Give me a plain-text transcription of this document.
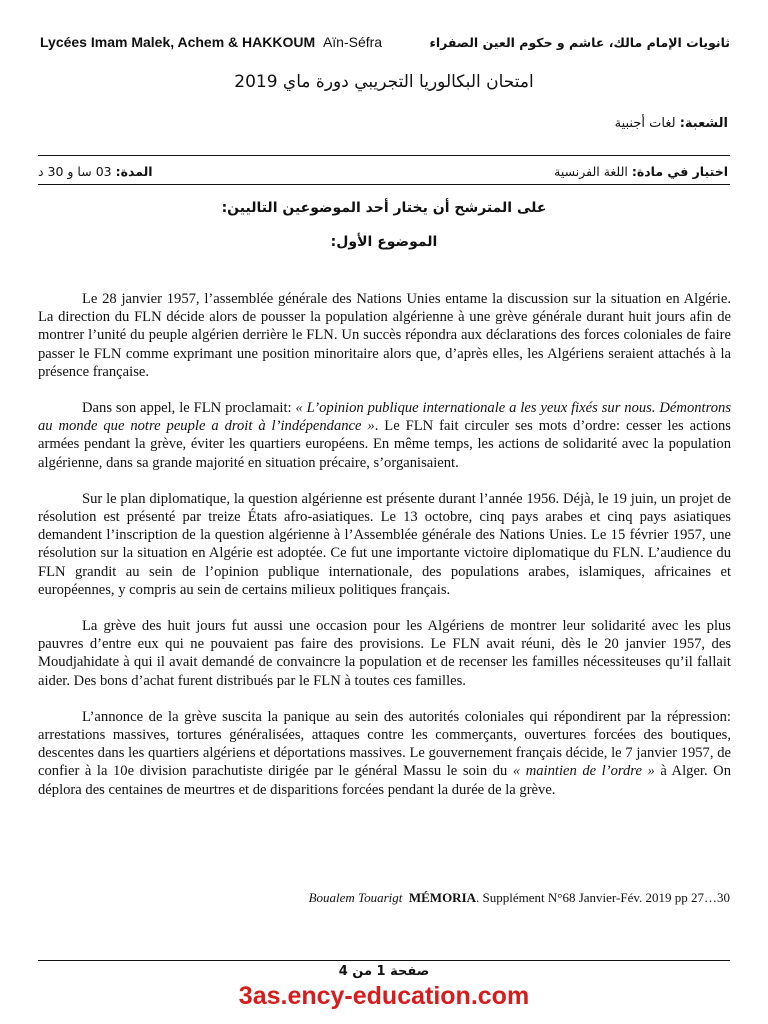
Lycées Imam Malek, Achem & HAKKOUM Aïn-Séfra	ثانويات الإمام مالك، عاشم و حكوم العين الصفراء
امتحان البكالوريا التجريبي دورة ماي 2019
الشعبة: لغات أجنبية
المدة: 03 سا و 30 د	اختبار في مادة: اللغة الفرنسية
على المترشح أن يختار أحد الموضوعين التاليين:
الموضوع الأول:

Le 28 janvier 1957, l’assemblée générale des Nations Unies entame la discussion sur la situation en Algérie. La direction du FLN décide alors de pousser la population algérienne à une grève générale durant huit jours afin de montrer l’unité du peuple algérien derrière le FLN. Un succès répondra aux déclarations des forces coloniales de faire passer le FLN comme exprimant une position minoritaire alors que, d’après elles, les Algériens seraient attachés à la présence française.

Dans son appel, le FLN proclamait: « L’opinion publique internationale a les yeux fixés sur nous. Démontrons au monde que notre peuple a droit à l’indépendance ». Le FLN fait circuler ses mots d’ordre: cesser les actions armées pendant la grève, éviter les quartiers européens. En même temps, les actions de solidarité avec la population algérienne, dans sa grande majorité en situation précaire, s’organisaient.

Sur le plan diplomatique, la question algérienne est présente durant l’année 1956. Déjà, le 19 juin, un projet de résolution est présenté par treize États afro-asiatiques. Le 13 octobre, cinq pays arabes et cinq pays asiatiques demandent l’inscription de la question algérienne à l’Assemblée générale des Nations Unies. Le 15 février 1957, une résolution sur la situation en Algérie est adoptée. Ce fut une importante victoire diplomatique du FLN. L’audience du FLN grandit au sein de l’opinion publique internationale, des populations arabes, islamiques, africaines et européennes, y compris au sein de certains milieux politiques français.

La grève des huit jours fut aussi une occasion pour les Algériens de montrer leur solidarité avec les plus pauvres d’entre eux qui ne pouvaient pas faire des provisions. Le FLN avait réuni, dès le 20 janvier 1957, des Moudjahidate à qui il avait demandé de convaincre la population et de recenser les familles nécessiteuses qu’il fallait aider. Des bons d’achat furent distribués par le FLN à toutes ces familles.

L’annonce de la grève suscita la panique au sein des autorités coloniales qui répondirent par la répression: arrestations massives, tortures généralisées, attaques contre les commerçants, ouvertures forcées des boutiques, descentes dans les quartiers algériens et déportations massives. Le gouvernement français décide, le 7 janvier 1957, de confier à la 10e division parachutiste dirigée par le général Massu le soin du « maintien de l’ordre » à Alger. On déplora des centaines de meurtres et de disparitions forcées pendant la durée de la grève.

Boualem Touarigt MÉMORIA. Supplément N°68 Janvier-Fév. 2019 pp 27…30
صفحة 1 من 4
3as.ency-education.com
